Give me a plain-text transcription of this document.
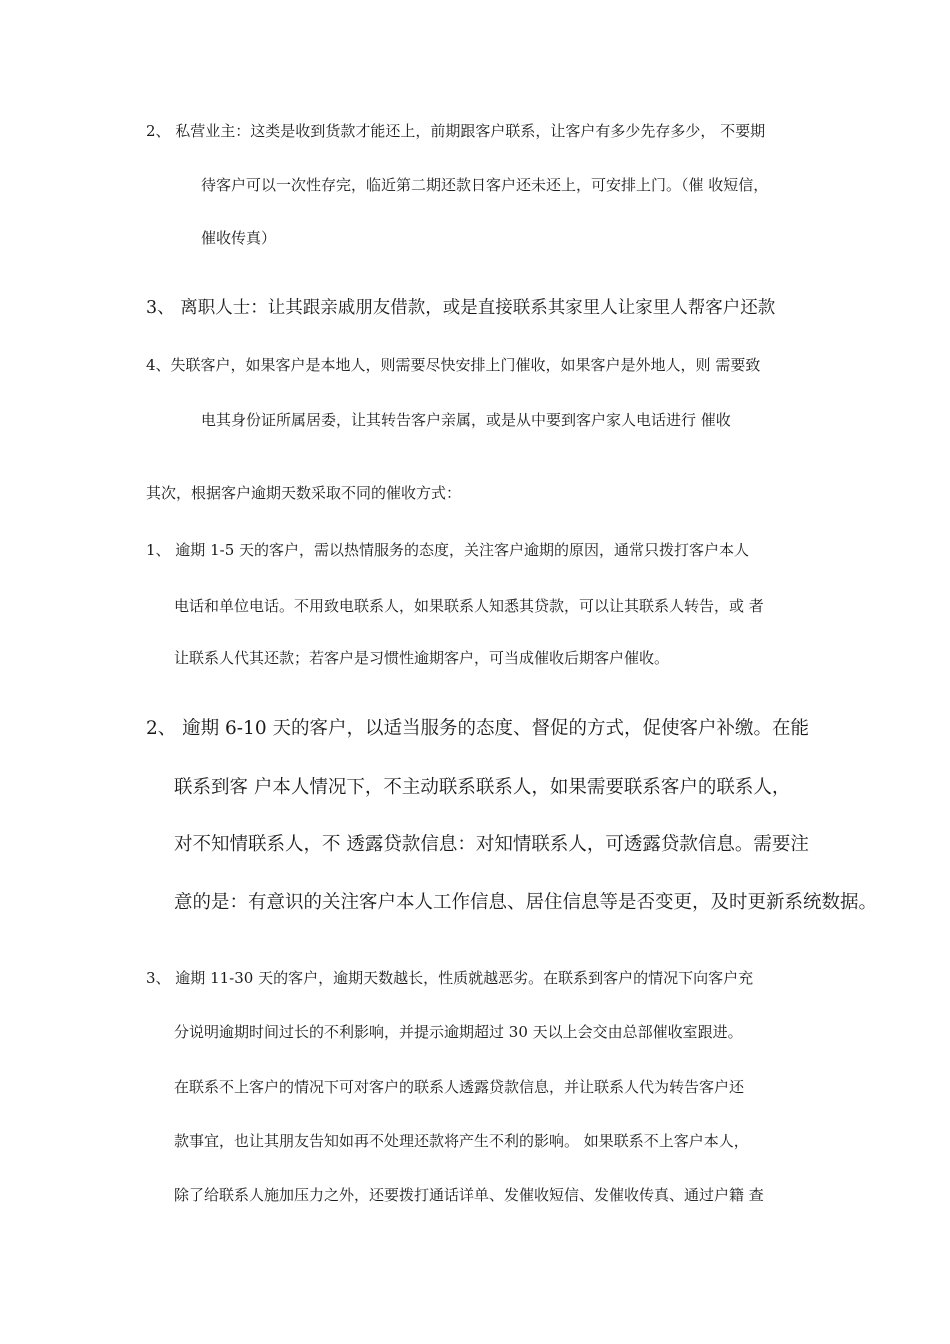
2、 私营业主：这类是收到货款才能还上，前期跟客户联系，让客户有多少先存多少， 不要期
待客户可以一次性存完，临近第二期还款日客户还未还上，可安排上门。（催 收短信，
催收传真）
3、 离职人士：让其跟亲戚朋友借款，或是直接联系其家里人让家里人帮客户还款
4、失联客户，如果客户是本地人，则需要尽快安排上门催收，如果客户是外地人，则 需要致
电其身份证所属居委，让其转告客户亲属，或是从中要到客户家人电话进行 催收
其次，根据客户逾期天数采取不同的催收方式：
1、 逾期 1-5 天的客户，需以热情服务的态度，关注客户逾期的原因，通常只拨打客户本人
电话和单位电话。不用致电联系人，如果联系人知悉其贷款，可以让其联系人转告，或 者
让联系人代其还款；若客户是习惯性逾期客户，可当成催收后期客户催收。
2、 逾期 6-10 天的客户，以适当服务的态度、督促的方式，促使客户补缴。在能
联系到客 户本人情况下，不主动联系联系人，如果需要联系客户的联系人，
对不知情联系人，不 透露贷款信息：对知情联系人，可透露贷款信息。需要注
意的是：有意识的关注客户本人工作信息、居住信息等是否变更，及时更新系统数据。
3、 逾期 11-30 天的客户，逾期天数越长，性质就越恶劣。在联系到客户的情况下向客户充
分说明逾期时间过长的不利影响，并提示逾期超过 30 天以上会交由总部催收室跟进。
在联系不上客户的情况下可对客户的联系人透露贷款信息，并让联系人代为转告客户还
款事宜，也让其朋友告知如再不处理还款将产生不利的影响。 如果联系不上客户本人，
除了给联系人施加压力之外，还要拨打通话详单、发催收短信、发催收传真、通过户籍 查
